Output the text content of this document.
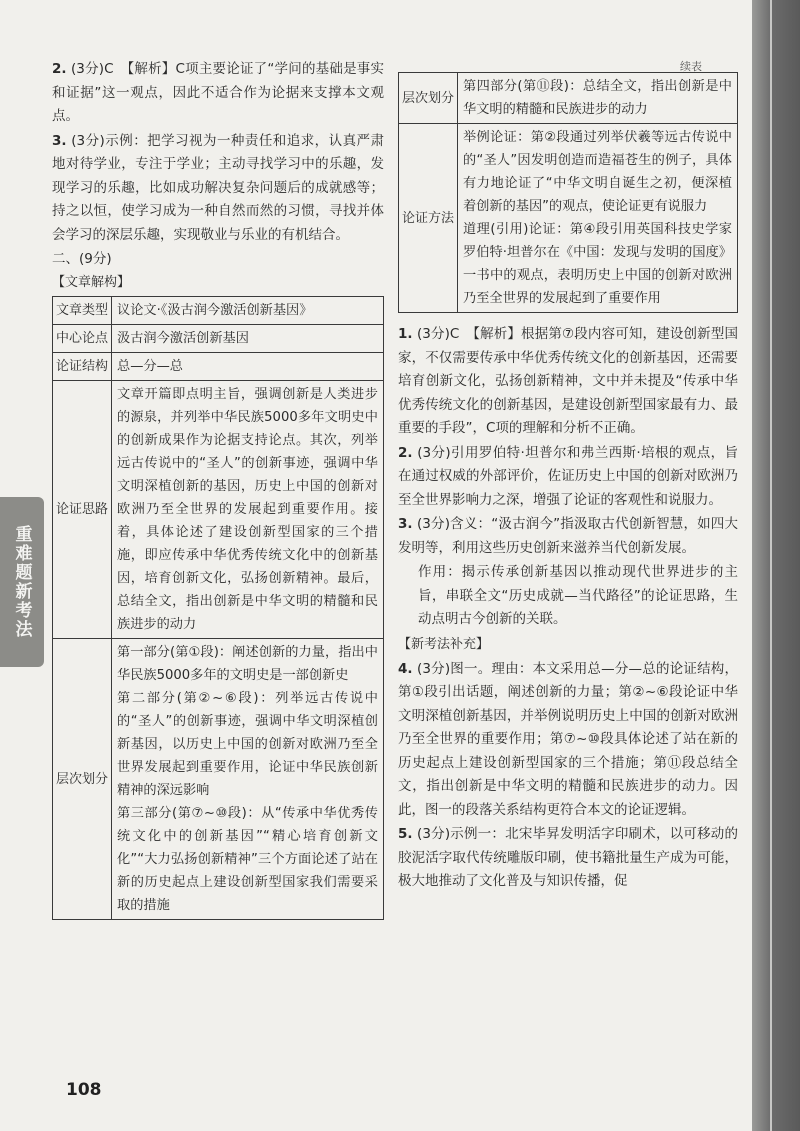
续表

2. (3分)C　【解析】C项主要论证了“学问的基础是事实和证据”这一观点，因此不适合作为论据来支撑本文观点。

3. (3分)示例：把学习视为一种责任和追求，认真严肃地对待学业，专注于学业；主动寻找学习中的乐趣，发现学习的乐趣，比如成功解决复杂问题后的成就感等；持之以恒，使学习成为一种自然而然的习惯，寻找并体会学习的深层乐趣，实现敬业与乐业的有机结合。

二、(9分)

【文章解构】

文章类型	议论文·《汲古润今激活创新基因》
中心论点	汲古润今激活创新基因
论证结构	总—分—总
论证思路	文章开篇即点明主旨，强调创新是人类进步的源泉，并列举中华民族5000多年文明史中的创新成果作为论据支持论点。其次，列举远古传说中的“圣人”的创新事迹，强调中华文明深植创新的基因，历史上中国的创新对欧洲乃至全世界的发展起到重要作用。接着，具体论述了建设创新型国家的三个措施，即应传承中华优秀传统文化中的创新基因，培育创新文化，弘扬创新精神。最后，总结全文，指出创新是中华文明的精髓和民族进步的动力
层次划分	第一部分(第①段)：阐述创新的力量，指出中华民族5000多年的文明史是一部创新史
第二部分(第②~⑥段)：列举远古传说中的“圣人”的创新事迹，强调中华文明深植创新基因，以历史上中国的创新对欧洲乃至全世界发展起到重要作用，论证中华民族创新精神的深远影响
第三部分(第⑦~⑩段)：从“传承中华优秀传统文化中的创新基因”“精心培育创新文化”“大力弘扬创新精神”三个方面论述了站在新的历史起点上建设创新型国家我们需要采取的措施
层次划分	第四部分(第⑪段)：总结全文，指出创新是中华文明的精髓和民族进步的动力
论证方法	举例论证：第②段通过列举伏羲等远古传说中的“圣人”因发明创造而造福苍生的例子，具体有力地论证了“中华文明自诞生之初，便深植着创新的基因”的观点，使论证更有说服力
道理(引用)论证：第④段引用英国科技史学家罗伯特·坦普尔在《中国：发现与发明的国度》一书中的观点，表明历史上中国的创新对欧洲乃至全世界的发展起到了重要作用

1. (3分)C　【解析】根据第⑦段内容可知，建设创新型国家，不仅需要传承中华优秀传统文化的创新基因，还需要培育创新文化，弘扬创新精神，文中并未提及“传承中华优秀传统文化的创新基因，是建设创新型国家最有力、最重要的手段”，C项的理解和分析不正确。

2. (3分)引用罗伯特·坦普尔和弗兰西斯·培根的观点，旨在通过权威的外部评价，佐证历史上中国的创新对欧洲乃至全世界影响力之深，增强了论证的客观性和说服力。

3. (3分)含义：“汲古润今”指汲取古代创新智慧，如四大发明等，利用这些历史创新来滋养当代创新发展。

作用：揭示传承创新基因以推动现代世界进步的主旨，串联全文“历史成就—当代路径”的论证思路，生动点明古今创新的关联。

【新考法补充】

4. (3分)图一。理由：本文采用总—分—总的论证结构，第①段引出话题，阐述创新的力量；第②~⑥段论证中华文明深植创新基因，并举例说明历史上中国的创新对欧洲乃至全世界的重要作用；第⑦~⑩段具体论述了站在新的历史起点上建设创新型国家的三个措施；第⑪段总结全文，指出创新是中华文明的精髓和民族进步的动力。因此，图一的段落关系结构更符合本文的论证逻辑。

5. (3分)示例一：北宋毕昇发明活字印刷术，以可移动的胶泥活字取代传统雕版印刷，使书籍批量生产成为可能，极大地推动了文化普及与知识传播，促

重难题新考法
108
